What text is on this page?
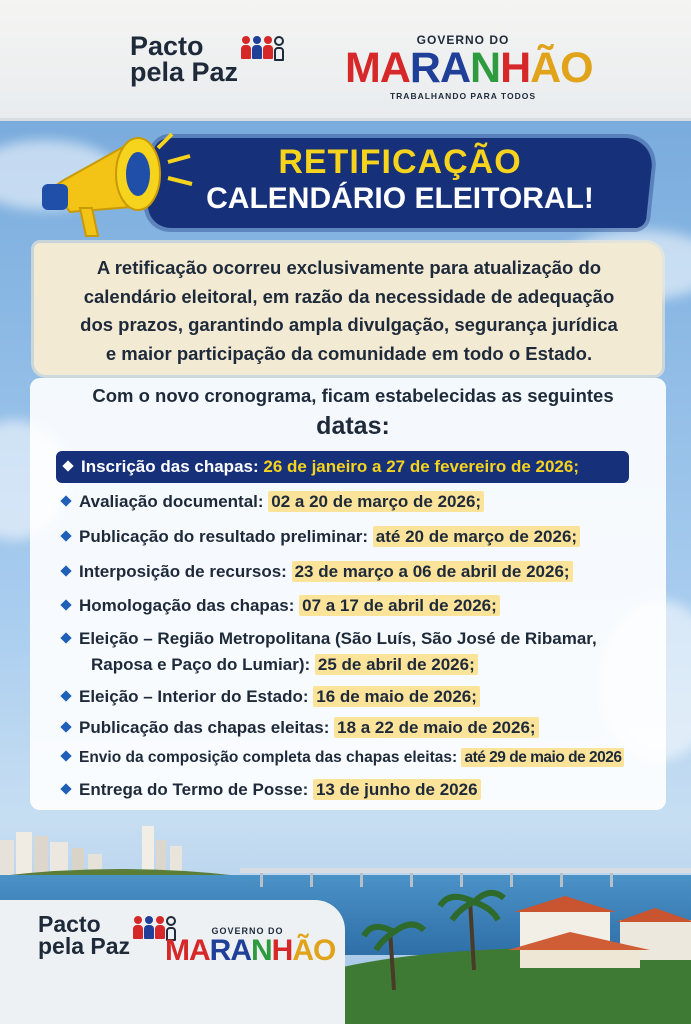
Pacto
pela Paz
GOVERNO DO
MARANHÃO
TRABALHANDO PARA TODOS
RETIFICAÇÃO
CALENDÁRIO ELEITORAL!
A retificação ocorreu exclusivamente para atualização do
calendário eleitoral, em razão da necessidade de adequação
dos prazos, garantindo ampla divulgação, segurança jurídica
e maior participação da comunidade em todo o Estado.
Com o novo cronograma, ficam estabelecidas as seguintes
datas:
Inscrição das chapas: 26 de janeiro a 27 de fevereiro de 2026;
Avaliação documental: 02 a 20 de março de 2026;
Publicação do resultado preliminar: até 20 de março de 2026;
Interposição de recursos: 23 de março a 06 de abril de 2026;
Homologação das chapas: 07 a 17 de abril de 2026;
Eleição – Região Metropolitana (São Luís, São José de Ribamar,
Raposa e Paço do Lumiar): 25 de abril de 2026;
Eleição – Interior do Estado: 16 de maio de 2026;
Publicação das chapas eleitas: 18 a 22 de maio de 2026;
Envio da composição completa das chapas eleitas: até 29 de maio de 2026
Entrega do Termo de Posse: 13 de junho de 2026
Pacto
pela Paz
GOVERNO DO
MARANHÃO
